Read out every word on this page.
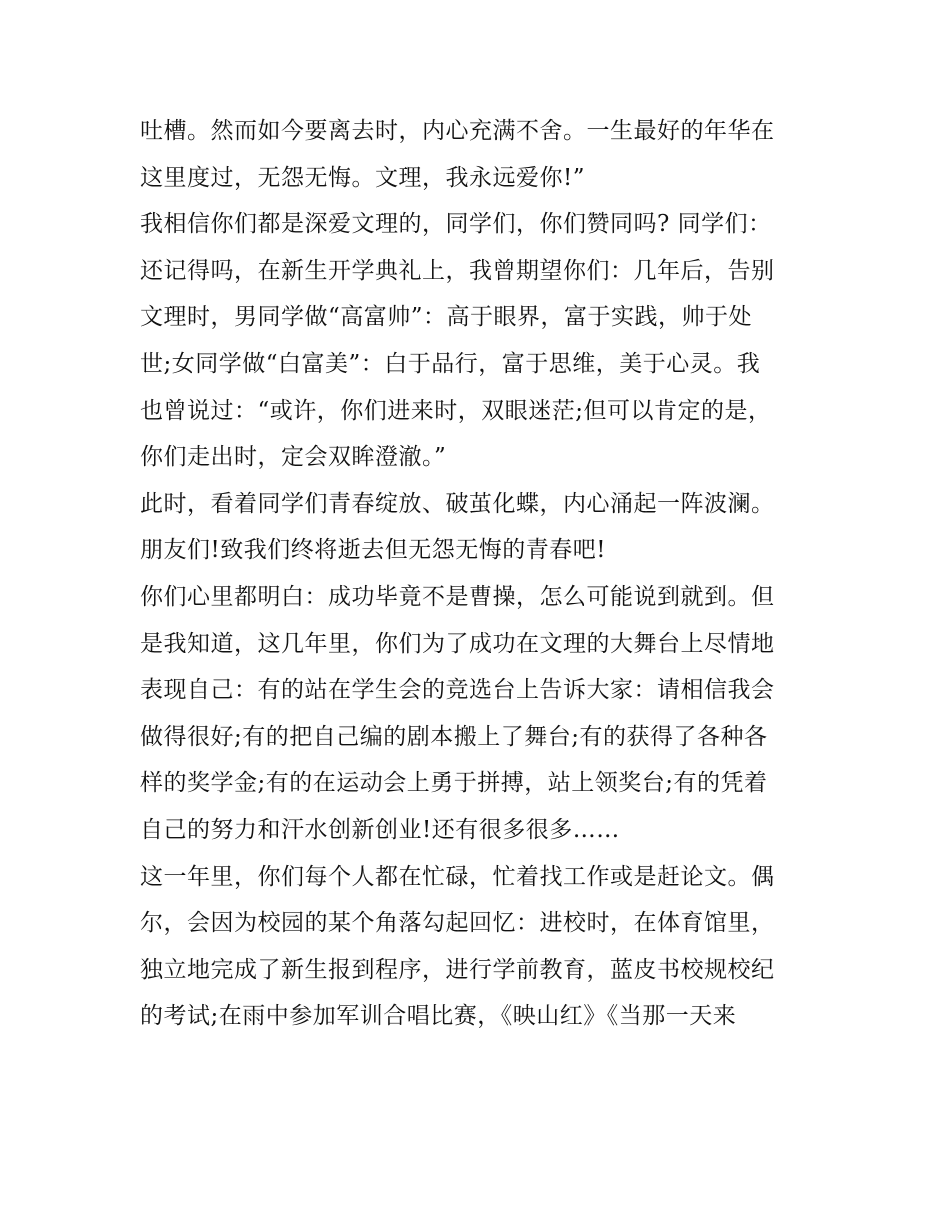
吐槽。然而如今要离去时，内心充满不舍。一生最好的年华在
这里度过，无怨无悔。文理，我永远爱你!”
我相信你们都是深爱文理的，同学们，你们赞同吗? 同学们：
还记得吗，在新生开学典礼上，我曾期望你们：几年后，告别
文理时，男同学做“高富帅”：高于眼界，富于实践，帅于处
世;女同学做“白富美”：白于品行，富于思维，美于心灵。我
也曾说过：“或许，你们进来时，双眼迷茫;但可以肯定的是，
你们走出时，定会双眸澄澈。”
此时，看着同学们青春绽放、破茧化蝶，内心涌起一阵波澜。
朋友们!致我们终将逝去但无怨无悔的青春吧!
你们心里都明白：成功毕竟不是曹操，怎么可能说到就到。但
是我知道，这几年里，你们为了成功在文理的大舞台上尽情地
表现自己：有的站在学生会的竞选台上告诉大家：请相信我会
做得很好;有的把自己编的剧本搬上了舞台;有的获得了各种各
样的奖学金;有的在运动会上勇于拼搏，站上领奖台;有的凭着
自己的努力和汗水创新创业!还有很多很多……
这一年里，你们每个人都在忙碌，忙着找工作或是赶论文。偶
尔，会因为校园的某个角落勾起回忆：进校时，在体育馆里，
独立地完成了新生报到程序，进行学前教育，蓝皮书校规校纪
的考试;在雨中参加军训合唱比赛，《映山红》《当那一天来
